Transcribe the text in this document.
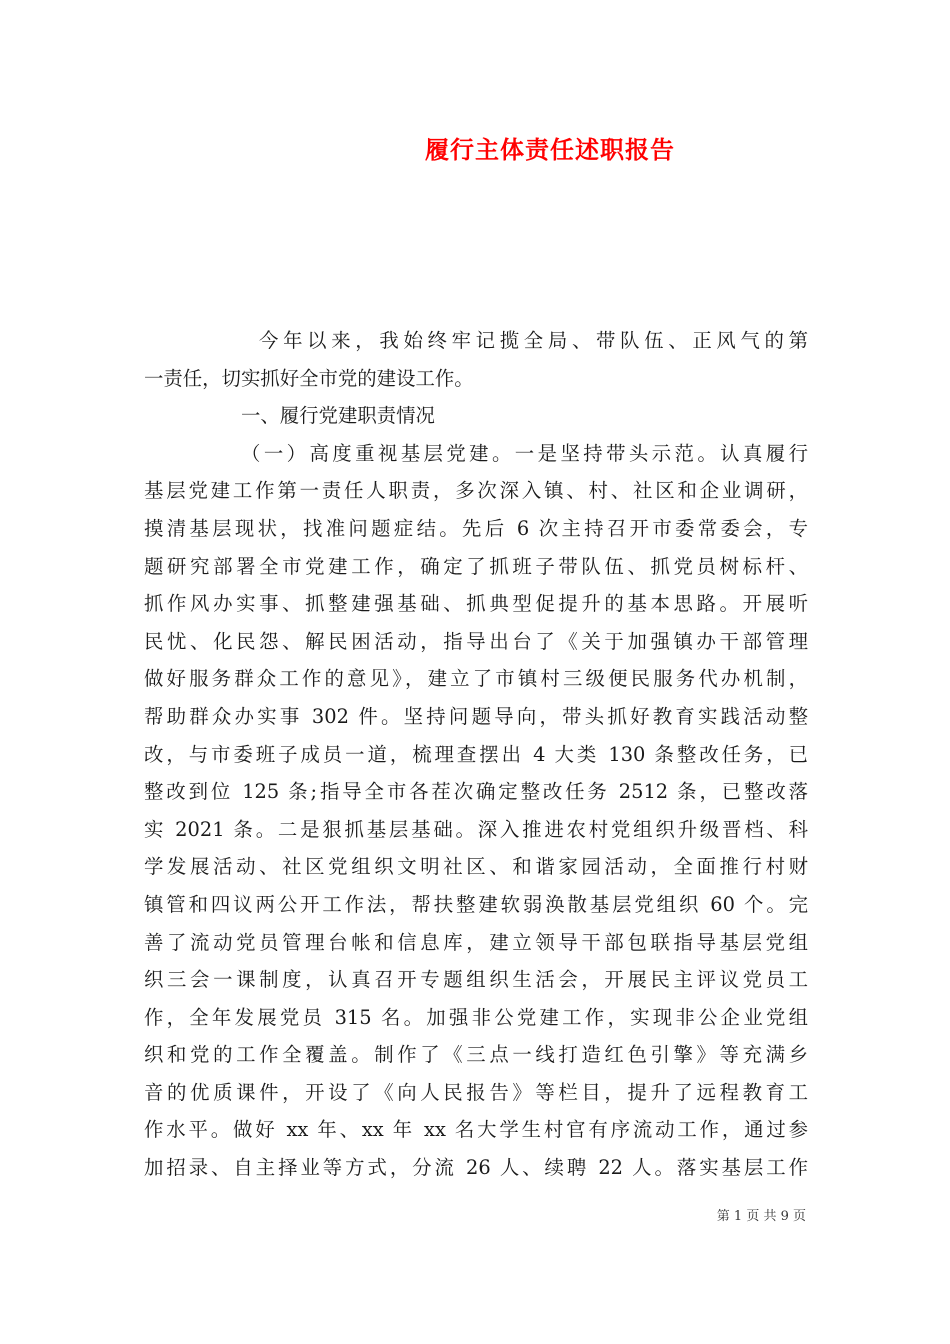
履行主体责任述职报告
今年以来，我始终牢记揽全局、带队伍、正风气的第
一责任，切实抓好全市党的建设工作。
一、履行党建职责情况
（一）高度重视基层党建。一是坚持带头示范。认真履行
基层党建工作第一责任人职责，多次深入镇、村、社区和企业调研，
摸清基层现状，找准问题症结。先后 6 次主持召开市委常委会，专
题研究部署全市党建工作，确定了抓班子带队伍、抓党员树标杆、
抓作风办实事、抓整建强基础、抓典型促提升的基本思路。开展听
民忧、化民怨、解民困活动，指导出台了《关于加强镇办干部管理
做好服务群众工作的意见》，建立了市镇村三级便民服务代办机制，
帮助群众办实事 302 件。坚持问题导向，带头抓好教育实践活动整
改，与市委班子成员一道，梳理查摆出 4 大类 130 条整改任务，已
整改到位 125 条;指导全市各茬次确定整改任务 2512 条，已整改落
实 2021 条。二是狠抓基层基础。深入推进农村党组织升级晋档、科
学发展活动、社区党组织文明社区、和谐家园活动，全面推行村财
镇管和四议两公开工作法，帮扶整建软弱涣散基层党组织 60 个。完
善了流动党员管理台帐和信息库，建立领导干部包联指导基层党组
织三会一课制度，认真召开专题组织生活会，开展民主评议党员工
作，全年发展党员 315 名。加强非公党建工作，实现非公企业党组
织和党的工作全覆盖。制作了《三点一线打造红色引擎》等充满乡
音的优质课件，开设了《向人民报告》等栏目，提升了远程教育工
作水平。做好 xx 年、xx 年 xx 名大学生村官有序流动工作，通过参
加招录、自主择业等方式，分流 26 人、续聘 22 人。落实基层工作
第 1 页 共 9 页
